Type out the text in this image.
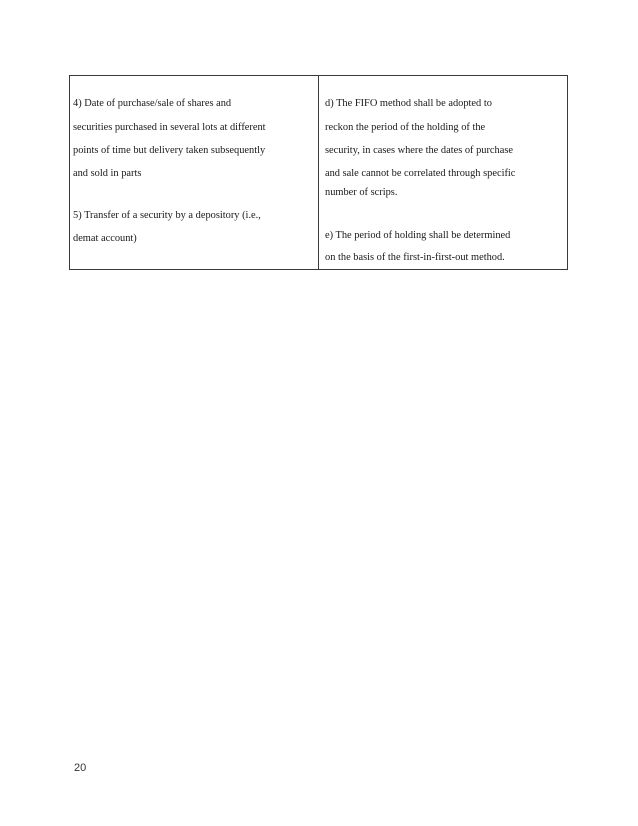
4) Date of purchase/sale of shares and
securities purchased in several lots at different
points of time but delivery taken subsequently
and sold in parts
5) Transfer of a security by a depository (i.e.,
demat account)
d) The FIFO method shall be adopted to
reckon the period of the holding of the
security, in cases where the dates of purchase
and sale cannot be correlated through specific
number of scrips.
e) The period of holding shall be determined
on the basis of the first-in-first-out method.
20
